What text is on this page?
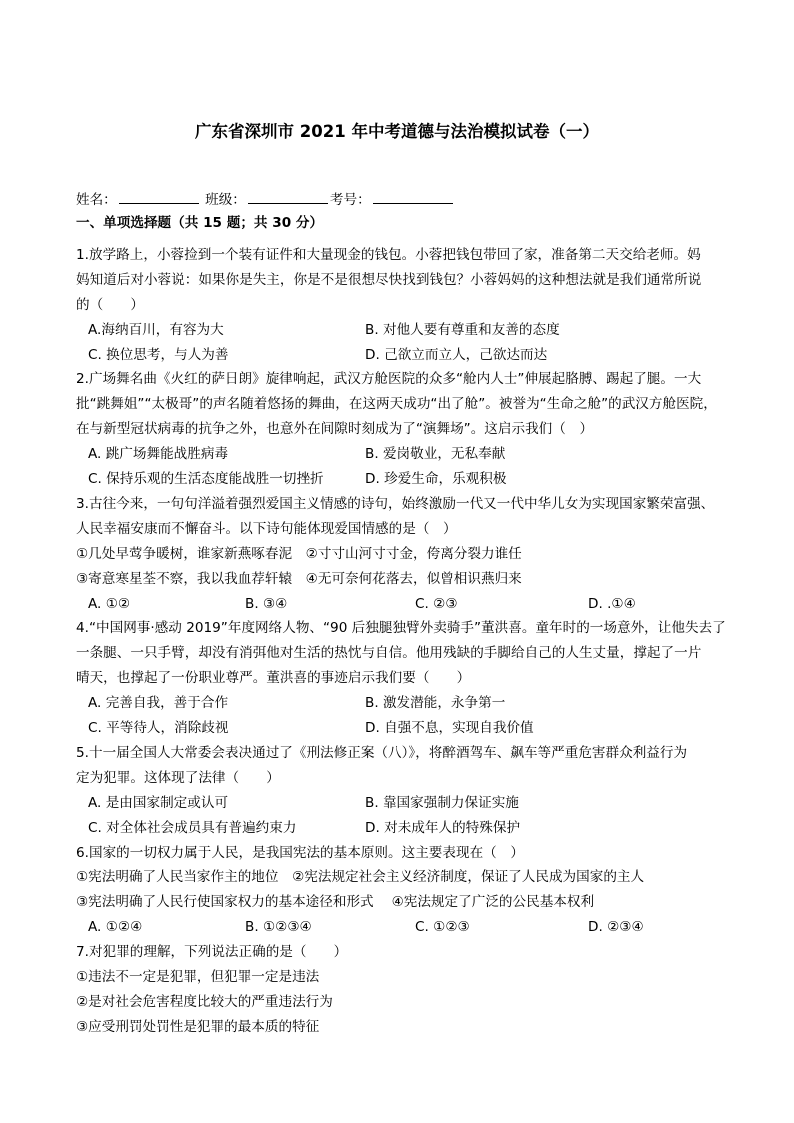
广东省深圳市 2021 年中考道德与法治模拟试卷（一）
姓名：	班级：	考号：
一、单项选择题（共 15 题；共 30 分）
1.放学路上，小蓉捡到一个装有证件和大量现金的钱包。小蓉把钱包带回了家，准备第二天交给老师。妈
妈知道后对小蓉说：如果你是失主，你是不是很想尽快找到钱包？小蓉妈妈的这种想法就是我们通常所说
的（　　）
A.海纳百川，有容为大	B. 对他人要有尊重和友善的态度
C. 换位思考，与人为善	D. 己欲立而立人，己欲达而达
2.广场舞名曲《火红的萨日朗》旋律响起，武汉方舱医院的众多“舱内人士”伸展起胳膊、踢起了腿。一大
批“跳舞姐”“太极哥”的声名随着悠扬的舞曲，在这两天成功“出了舱”。被誉为“生命之舱”的武汉方舱医院，
在与新型冠状病毒的抗争之外，也意外在间隙时刻成为了“演舞场”。这启示我们（　）
A. 跳广场舞能战胜病毒	B. 爱岗敬业，无私奉献
C. 保持乐观的生活态度能战胜一切挫折	D. 珍爱生命，乐观积极
3.古往今来，一句句洋溢着强烈爱国主义情感的诗句，始终激励一代又一代中华儿女为实现国家繁荣富强、
人民幸福安康而不懈奋斗。以下诗句能体现爱国情感的是（　）
①几处早莺争暖树，谁家新燕啄春泥　②寸寸山河寸寸金，侉离分裂力谁任
③寄意寒星荃不察，我以我血荐轩辕　④无可奈何花落去，似曾相识燕归来
A. ①②	B. ③④	C. ②③	D. .①④
4.“中国网事·感动 2019”年度网络人物、“90 后独腿独臂外卖骑手”董洪喜。童年时的一场意外，让他失去了
一条腿、一只手臂，却没有消弭他对生活的热忱与自信。他用残缺的手脚给自己的人生丈量，撑起了一片
晴天，也撑起了一份职业尊严。董洪喜的事迹启示我们要（　　）
A. 完善自我，善于合作	B. 激发潜能，永争第一
C. 平等待人，消除歧视	D. 自强不息，实现自我价值
5.十一届全国人大常委会表决通过了《刑法修正案（八）》，将醉酒驾车、飙车等严重危害群众利益行为
定为犯罪。这体现了法律（　　）
A. 是由国家制定或认可	B. 靠国家强制力保证实施
C. 对全体社会成员具有普遍约束力	D. 对未成年人的特殊保护
6.国家的一切权力属于人民，是我国宪法的基本原则。这主要表现在（　）
①宪法明确了人民当家作主的地位　②宪法规定社会主义经济制度，保证了人民成为国家的主人
③宪法明确了人民行使国家权力的基本途径和形式　 ④宪法规定了广泛的公民基本权利
A. ①②④	B. ①②③④	C. ①②③	D. ②③④
7.对犯罪的理解，下列说法正确的是（　　）
①违法不一定是犯罪，但犯罪一定是违法
②是对社会危害程度比较大的严重违法行为
③应受刑罚处罚性是犯罪的最本质的特征
